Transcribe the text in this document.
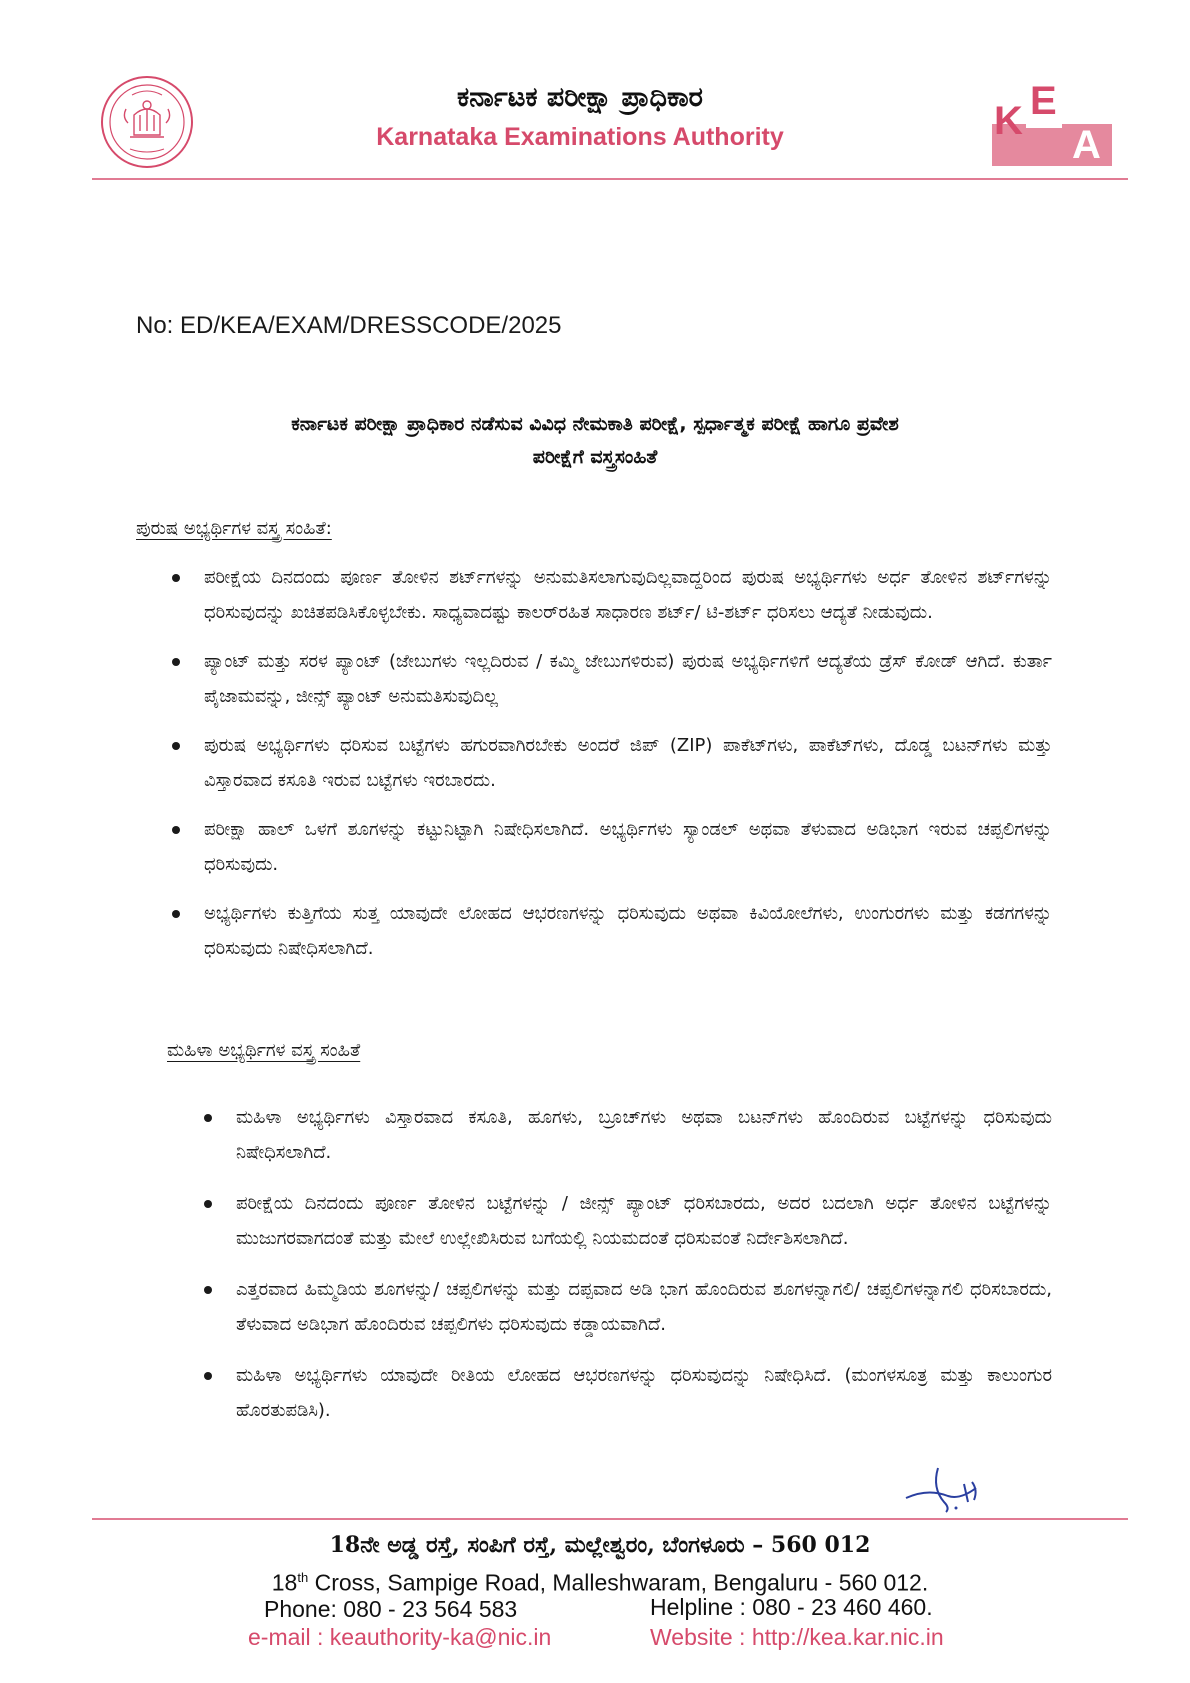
ಕರ್ನಾಟಕ ಪರೀಕ್ಷಾ ಪ್ರಾಧಿಕಾರ
Karnataka Examinations Authority	K E
A
No: ED/KEA/EXAM/DRESSCODE/2025
ಕರ್ನಾಟಕ ಪರೀಕ್ಷಾ ಪ್ರಾಧಿಕಾರ ನಡೆಸುವ ವಿವಿಧ ನೇಮಕಾತಿ ಪರೀಕ್ಷೆ, ಸ್ಪರ್ಧಾತ್ಮಕ ಪರೀಕ್ಷೆ ಹಾಗೂ ಪ್ರವೇಶ
ಪರೀಕ್ಷೆಗೆ ವಸ್ತ್ರಸಂಹಿತೆ
ಪುರುಷ ಅಭ್ಯರ್ಥಿಗಳ ವಸ್ತ್ರ ಸಂಹಿತೆ:
ಪರೀಕ್ಷೆಯ ದಿನದಂದು ಪೂರ್ಣ ತೋಳಿನ ಶರ್ಟ್‌ಗಳನ್ನು ಅನುಮತಿಸಲಾಗುವುದಿಲ್ಲವಾದ್ದರಿಂದ ಪುರುಷ ಅಭ್ಯರ್ಥಿಗಳು ಅರ್ಧ ತೋಳಿನ ಶರ್ಟ್‌ಗಳನ್ನು ಧರಿಸುವುದನ್ನು ಖಚಿತಪಡಿಸಿಕೊಳ್ಳಬೇಕು. ಸಾಧ್ಯವಾದಷ್ಟು ಕಾಲರ್‌ರಹಿತ ಸಾಧಾರಣ ಶರ್ಟ್/ ಟಿ-ಶರ್ಟ್ ಧರಿಸಲು ಆದ್ಯತೆ ನೀಡುವುದು.
ಪ್ಯಾಂಟ್ ಮತ್ತು ಸರಳ ಪ್ಯಾಂಟ್ (ಜೇಬುಗಳು ಇಲ್ಲದಿರುವ / ಕಮ್ಮಿ ಜೇಬುಗಳಿರುವ) ಪುರುಷ ಅಭ್ಯರ್ಥಿಗಳಿಗೆ ಆದ್ಯತೆಯ ಡ್ರೆಸ್ ಕೋಡ್ ಆಗಿದೆ. ಕುರ್ತಾ ಪೈಜಾಮವನ್ನು, ಜೀನ್ಸ್ ಪ್ಯಾಂಟ್ ಅನುಮತಿಸುವುದಿಲ್ಲ
ಪುರುಷ ಅಭ್ಯರ್ಥಿಗಳು ಧರಿಸುವ ಬಟ್ಟೆಗಳು ಹಗುರವಾಗಿರಬೇಕು ಅಂದರೆ ಜಿಪ್ (ZIP) ಪಾಕೆಟ್‌ಗಳು, ಪಾಕೆಟ್‌ಗಳು, ದೊಡ್ಡ ಬಟನ್‌ಗಳು ಮತ್ತು ವಿಸ್ತಾರವಾದ ಕಸೂತಿ ಇರುವ ಬಟ್ಟೆಗಳು ಇರಬಾರದು.
ಪರೀಕ್ಷಾ ಹಾಲ್ ಒಳಗೆ ಶೂಗಳನ್ನು ಕಟ್ಟುನಿಟ್ಟಾಗಿ ನಿಷೇಧಿಸಲಾಗಿದೆ. ಅಭ್ಯರ್ಥಿಗಳು ಸ್ಯಾಂಡಲ್ ಅಥವಾ ತೆಳುವಾದ ಅಡಿಭಾಗ ಇರುವ ಚಪ್ಪಲಿಗಳನ್ನು ಧರಿಸುವುದು.
ಅಭ್ಯರ್ಥಿಗಳು ಕುತ್ತಿಗೆಯ ಸುತ್ತ ಯಾವುದೇ ಲೋಹದ ಆಭರಣಗಳನ್ನು ಧರಿಸುವುದು ಅಥವಾ ಕಿವಿಯೋಲೆಗಳು, ಉಂಗುರಗಳು ಮತ್ತು ಕಡಗಗಳನ್ನು ಧರಿಸುವುದು ನಿಷೇಧಿಸಲಾಗಿದೆ.
ಮಹಿಳಾ ಅಭ್ಯರ್ಥಿಗಳ ವಸ್ತ್ರ ಸಂಹಿತೆ
ಮಹಿಳಾ ಅಭ್ಯರ್ಥಿಗಳು ವಿಸ್ತಾರವಾದ ಕಸೂತಿ, ಹೂಗಳು, ಬ್ರೂಚ್‌ಗಳು ಅಥವಾ ಬಟನ್‌ಗಳು ಹೊಂದಿರುವ ಬಟ್ಟೆಗಳನ್ನು ಧರಿಸುವುದು ನಿಷೇಧಿಸಲಾಗಿದೆ.
ಪರೀಕ್ಷೆಯ ದಿನದಂದು ಪೂರ್ಣ ತೋಳಿನ ಬಟ್ಟೆಗಳನ್ನು / ಜೀನ್ಸ್ ಪ್ಯಾಂಟ್ ಧರಿಸಬಾರದು, ಅದರ ಬದಲಾಗಿ ಅರ್ಧ ತೋಳಿನ ಬಟ್ಟೆಗಳನ್ನು ಮುಜುಗರವಾಗದಂತೆ ಮತ್ತು ಮೇಲೆ ಉಲ್ಲೇಖಿಸಿರುವ ಬಗೆಯಲ್ಲಿ ನಿಯಮದಂತೆ ಧರಿಸುವಂತೆ ನಿರ್ದೇಶಿಸಲಾಗಿದೆ.
ಎತ್ತರವಾದ ಹಿಮ್ಮಡಿಯ ಶೂಗಳನ್ನು/ ಚಪ್ಪಲಿಗಳನ್ನು ಮತ್ತು ದಪ್ಪವಾದ ಅಡಿ ಭಾಗ ಹೊಂದಿರುವ ಶೂಗಳನ್ನಾಗಲಿ/ ಚಪ್ಪಲಿಗಳನ್ನಾಗಲಿ ಧರಿಸಬಾರದು, ತೆಳುವಾದ ಅಡಿಭಾಗ ಹೊಂದಿರುವ ಚಪ್ಪಲಿಗಳು ಧರಿಸುವುದು ಕಡ್ಡಾಯವಾಗಿದೆ.
ಮಹಿಳಾ ಅಭ್ಯರ್ಥಿಗಳು ಯಾವುದೇ ರೀತಿಯ ಲೋಹದ ಆಭರಣಗಳನ್ನು ಧರಿಸುವುದನ್ನು ನಿಷೇಧಿಸಿದೆ. (ಮಂಗಳಸೂತ್ರ ಮತ್ತು ಕಾಲುಂಗುರ ಹೊರತುಪಡಿಸಿ).
18ನೇ ಅಡ್ಡ ರಸ್ತೆ, ಸಂಪಿಗೆ ರಸ್ತೆ, ಮಲ್ಲೇಶ್ವರಂ, ಬೆಂಗಳೂರು – 560 012
18th Cross, Sampige Road, Malleshwaram, Bengaluru - 560 012.
Phone: 080 - 23 564 583	Helpline : 080 - 23 460 460.
e-mail : keauthority-ka@nic.in	Website : http://kea.kar.nic.in
